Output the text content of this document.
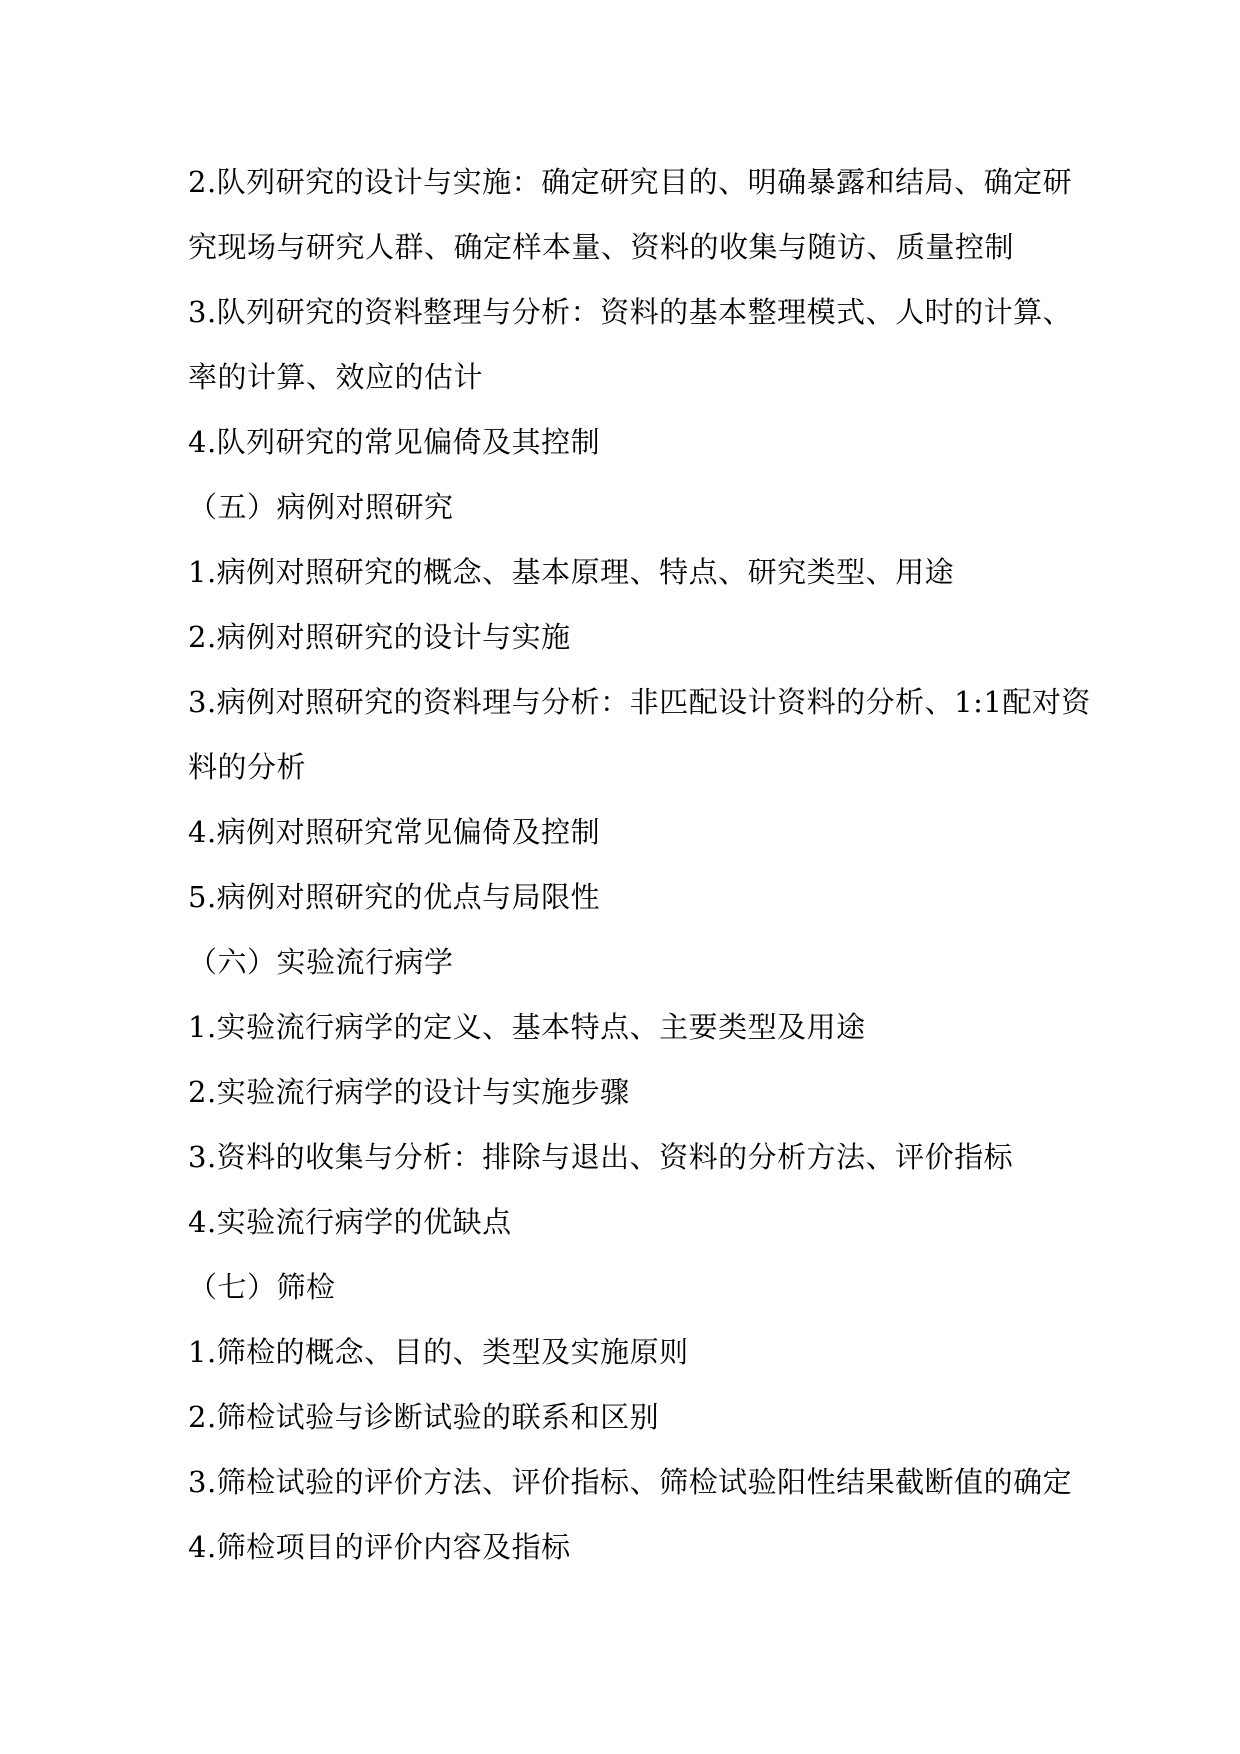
2.队列研究的设计与实施：确定研究目的、明确暴露和结局、确定研
究现场与研究人群、确定样本量、资料的收集与随访、质量控制
3.队列研究的资料整理与分析：资料的基本整理模式、人时的计算、
率的计算、效应的估计
4.队列研究的常见偏倚及其控制
（五）病例对照研究
1.病例对照研究的概念、基本原理、特点、研究类型、用途
2.病例对照研究的设计与实施
3.病例对照研究的资料理与分析：非匹配设计资料的分析、1:1配对资
料的分析
4.病例对照研究常见偏倚及控制
5.病例对照研究的优点与局限性
（六）实验流行病学
1.实验流行病学的定义、基本特点、主要类型及用途
2.实验流行病学的设计与实施步骤
3.资料的收集与分析：排除与退出、资料的分析方法、评价指标
4.实验流行病学的优缺点
（七）筛检
1.筛检的概念、目的、类型及实施原则
2.筛检试验与诊断试验的联系和区别
3.筛检试验的评价方法、评价指标、筛检试验阳性结果截断值的确定
4.筛检项目的评价内容及指标
